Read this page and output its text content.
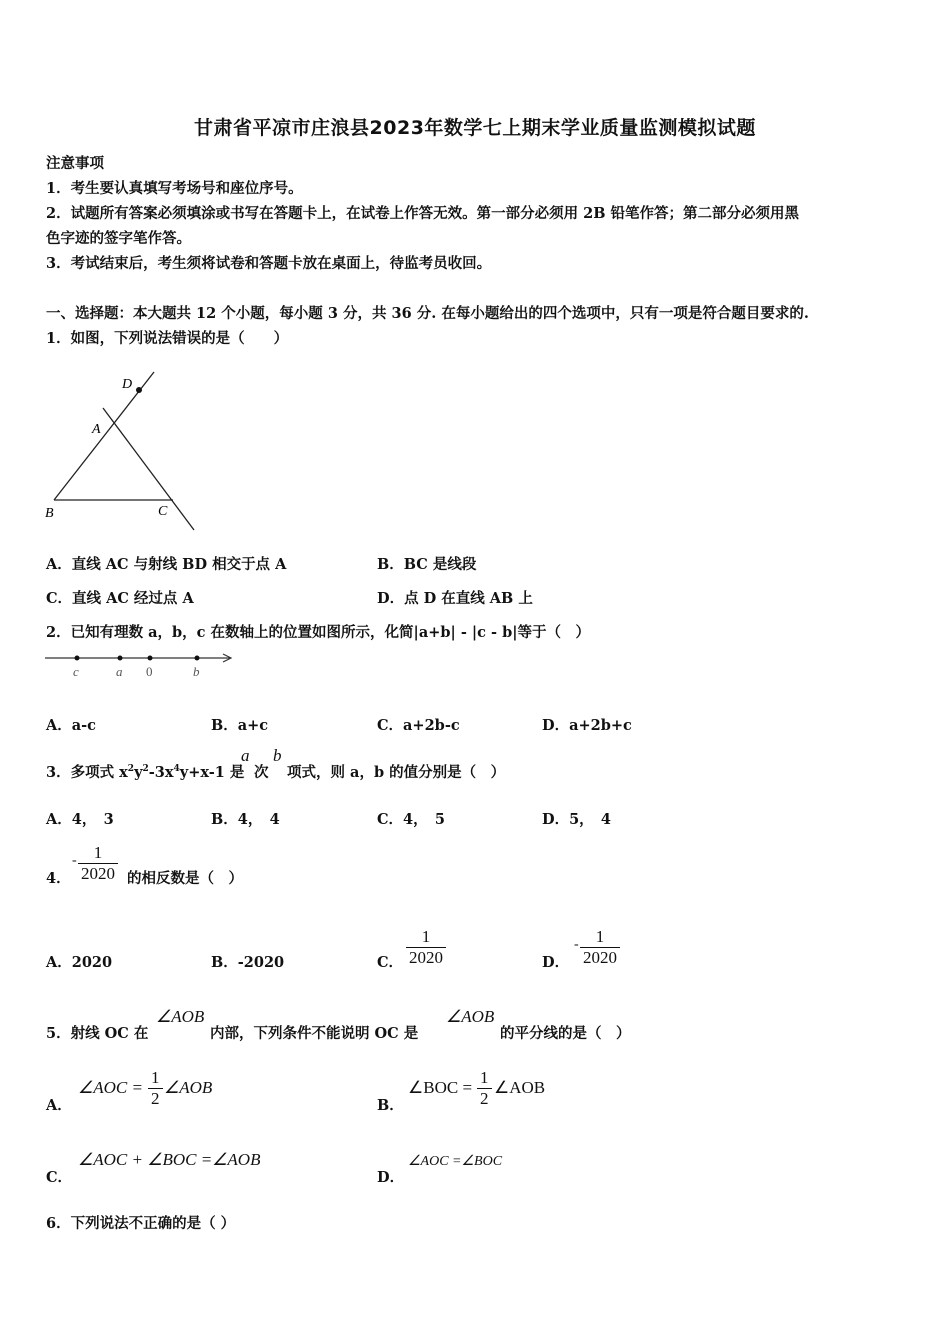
甘肃省平凉市庄浪县2023年数学七上期末学业质量监测模拟试题
注意事项
1．考生要认真填写考场号和座位序号。
2．试题所有答案必须填涂或书写在答题卡上，在试卷上作答无效。第一部分必须用 2B 铅笔作答；第二部分必须用黑
色字迹的签字笔作答。
3．考试结束后，考生须将试卷和答题卡放在桌面上，待监考员收回。
一、选择题：本大题共 12 个小题，每小题 3 分，共 36 分. 在每小题给出的四个选项中，只有一项是符合题目要求的.
1．如图，下列说法错误的是（　　）
D
A
B	C
A．直线 AC 与射线 BD 相交于点 A	B．BC 是线段
C．直线 AC 经过点 A	D．点 D 在直线 AB 上
2．已知有理数 a，b，c 在数轴上的位置如图所示，化简|a+b| - |c - b|等于（　）
c	a 0	b
A．a-c	B．a+c	C．a+2b-c	D．a+2b+c
3．多项式 $x^2y^2-3x^4y+x-1$ 是
a
次
b
项式，则 a，b 的值分别是（　）
A．4，　3	B．4，　4	C．4，　5	D．5，　4
4．
- $\frac{1}{2020}$ 的相反数是（　）
A．2020	B．-2020	C． $\frac{1}{2020}$	D．
- $\frac{1}{2020}$
5．射线 OC 在
∠AOB
内部，下列条件不能说明 OC 是
∠AOB
的平分线的是（　）
A．
∠AOC = $\frac{1}{2}$ ∠AOB
B．
∠BOC = $\frac{1}{2}$ ∠AOB
C．
∠AOC + ∠BOC =∠AOB
D．
∠AOC =∠BOC
6．下列说法不正确的是（ ）
